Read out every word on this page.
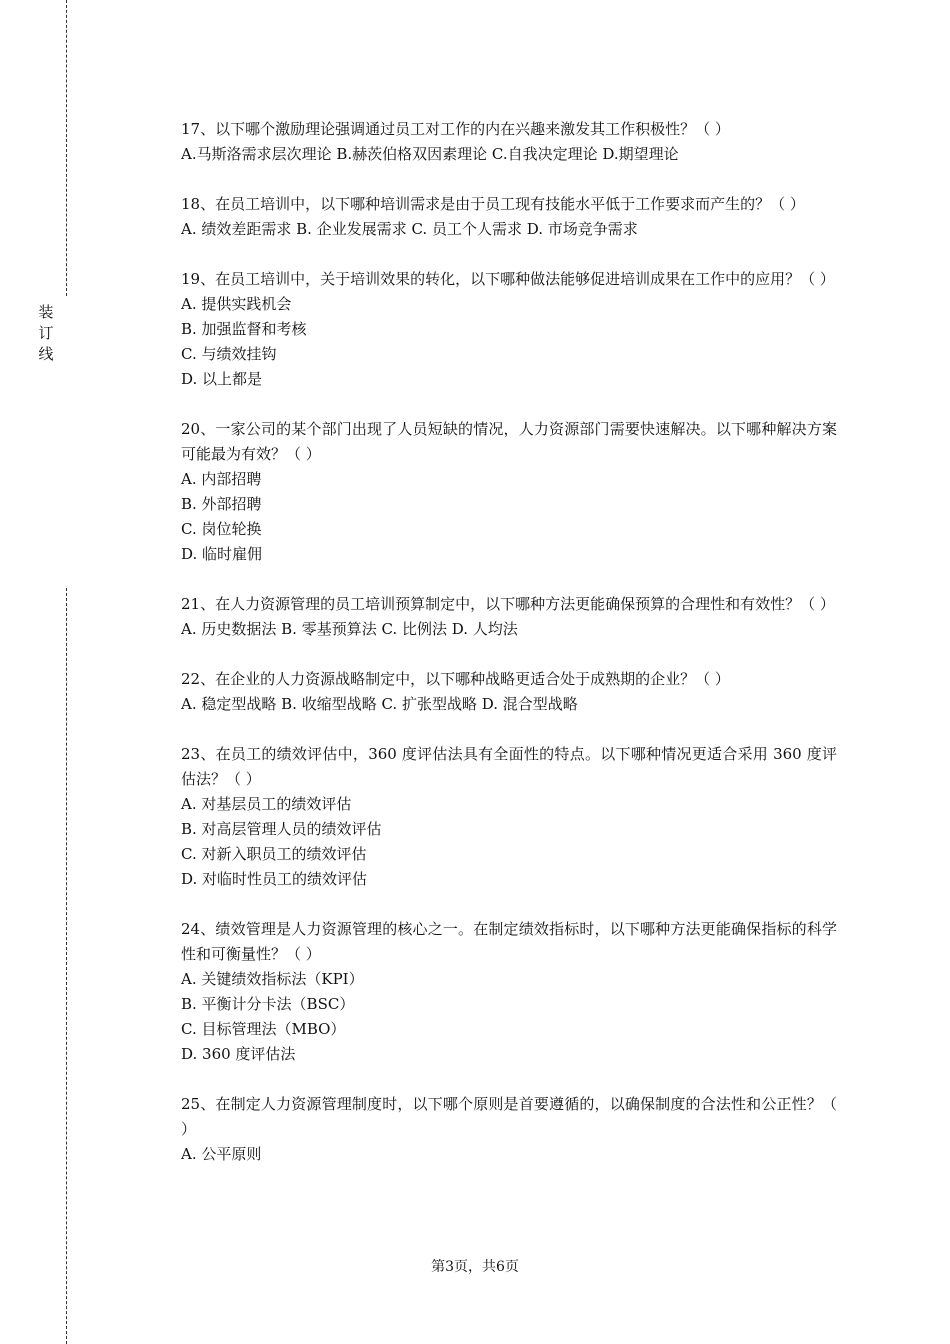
装订线
17、以下哪个激励理论强调通过员工对工作的内在兴趣来激发其工作积极性？（ ）
A.马斯洛需求层次理论 B.赫茨伯格双因素理论 C.自我决定理论 D.期望理论
18、在员工培训中，以下哪种培训需求是由于员工现有技能水平低于工作要求而产生的？（ ）
A. 绩效差距需求 B. 企业发展需求 C. 员工个人需求 D. 市场竞争需求
19、在员工培训中，关于培训效果的转化，以下哪种做法能够促进培训成果在工作中的应用？（ ）
A. 提供实践机会
B. 加强监督和考核
C. 与绩效挂钩
D. 以上都是
20、一家公司的某个部门出现了人员短缺的情况，人力资源部门需要快速解决。以下哪种解决方案可能最为有效？（ ）
A. 内部招聘
B. 外部招聘
C. 岗位轮换
D. 临时雇佣
21、在人力资源管理的员工培训预算制定中，以下哪种方法更能确保预算的合理性和有效性？（ ）
A. 历史数据法 B. 零基预算法 C. 比例法 D. 人均法
22、在企业的人力资源战略制定中，以下哪种战略更适合处于成熟期的企业？（ ）
A. 稳定型战略 B. 收缩型战略 C. 扩张型战略 D. 混合型战略
23、在员工的绩效评估中，360 度评估法具有全面性的特点。以下哪种情况更适合采用 360 度评估法？（ ）
A. 对基层员工的绩效评估
B. 对高层管理人员的绩效评估
C. 对新入职员工的绩效评估
D. 对临时性员工的绩效评估
24、绩效管理是人力资源管理的核心之一。在制定绩效指标时，以下哪种方法更能确保指标的科学性和可衡量性？（ ）
A. 关键绩效指标法（KPI）
B. 平衡计分卡法（BSC）
C. 目标管理法（MBO）
D. 360 度评估法
25、在制定人力资源管理制度时，以下哪个原则是首要遵循的，以确保制度的合法性和公正性？（ ）
A. 公平原则
第3页，共6页
